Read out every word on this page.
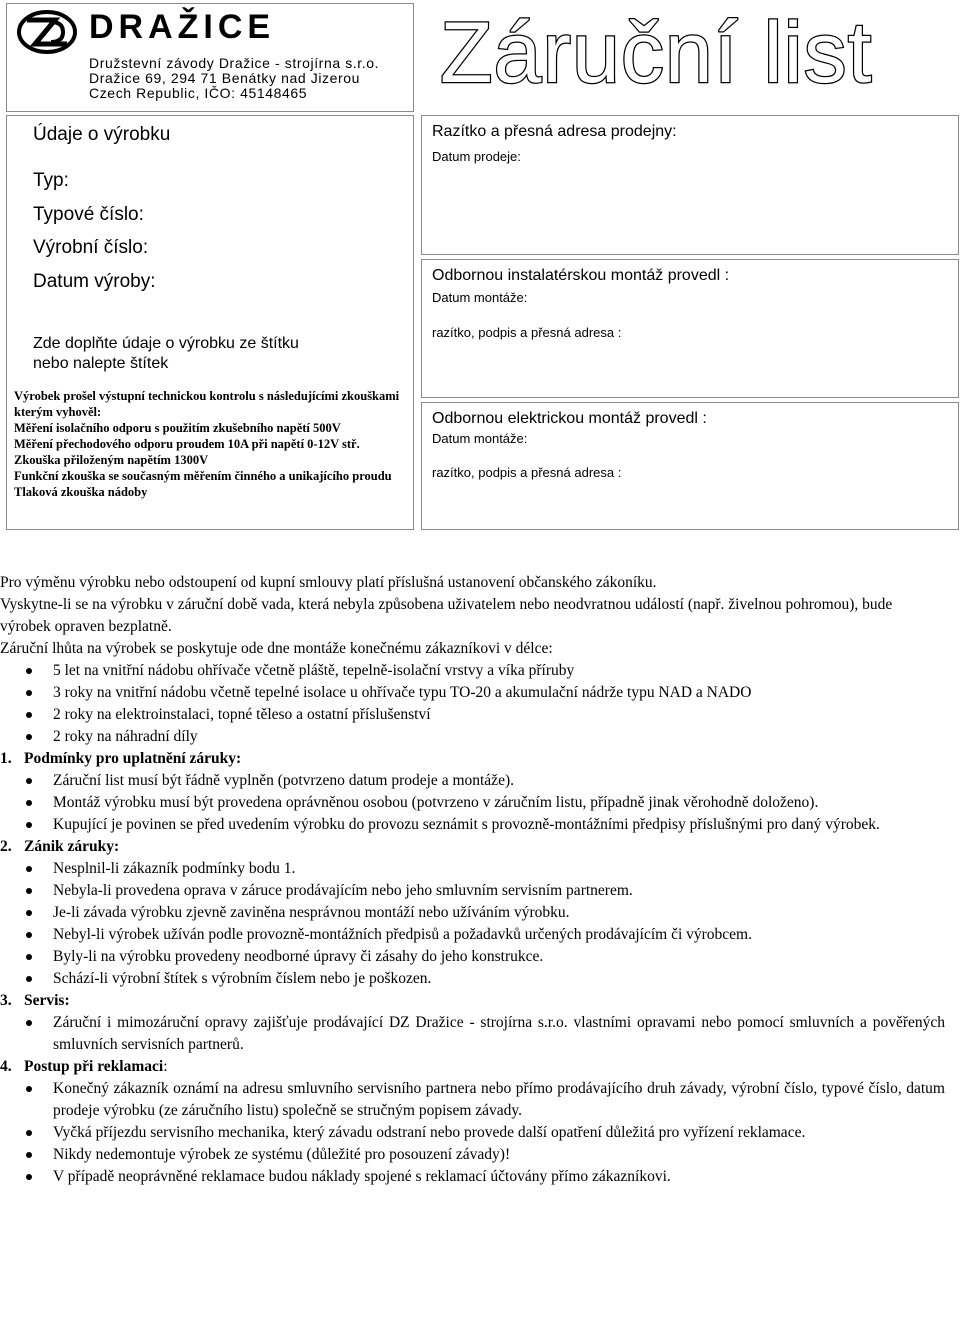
DRAŽICE
Družstevní závody Dražice - strojírna s.r.o.
Dražice 69, 294 71 Benátky nad Jizerou
Czech Republic, IČO: 45148465	Záruční list
Údaje o výrobku
Typ:
Typové číslo:
Výrobní číslo:
Datum výroby:
Zde doplňte údaje o výrobku ze štítku
nebo nalepte štítek
Výrobek prošel výstupní technickou kontrolu s následujícími zkouškami kterým vyhověl:
Měření isolačního odporu s použitím zkušebního napětí 500V
Měření přechodového odporu proudem 10A při napětí 0-12V stř.
Zkouška přiloženým napětím 1300V
Funkční zkouška se současným měřením činného a unikajícího proudu
Tlaková zkouška nádoby
Razítko a přesná adresa prodejny:
Datum prodeje:
Odbornou instalatérskou montáž provedl :
Datum montáže:
razítko, podpis a přesná adresa :
Odbornou elektrickou montáž provedl :
Datum montáže:
razítko, podpis a přesná adresa :

Pro výměnu výrobku nebo odstoupení od kupní smlouvy platí příslušná ustanovení občanského zákoníku.

Vyskytne-li se na výrobku v záruční době vada, která nebyla způsobena uživatelem nebo neodvratnou událostí (např. živelnou pohromou), bude výrobek opraven bezplatně.

Záruční lhůta na výrobek se poskytuje ode dne montáže konečnému zákazníkovi v délce:

5 let na vnitřní nádobu ohřívače včetně pláště, tepelně-isolační vrstvy a víka příruby
3 roky na vnitřní nádobu včetně tepelné isolace u ohřívače typu TO-20 a akumulační nádrže typu NAD a NADO
2 roky na elektroinstalaci, topné těleso a ostatní příslušenství
2 roky na náhradní díly

1. Podmínky pro uplatnění záruky:

Záruční list musí být řádně vyplněn (potvrzeno datum prodeje a montáže).
Montáž výrobku musí být provedena oprávněnou osobou (potvrzeno v záručním listu, případně jinak věrohodně doloženo).
Kupující je povinen se před uvedením výrobku do provozu seznámit s provozně-montážními předpisy příslušnými pro daný výrobek.

2. Zánik záruky:

Nesplnil-li zákazník podmínky bodu 1.
Nebyla-li provedena oprava v záruce prodávajícím nebo jeho smluvním servisním partnerem.
Je-li závada výrobku zjevně zaviněna nesprávnou montáží nebo užíváním výrobku.
Nebyl-li výrobek užíván podle provozně-montážních předpisů a požadavků určených prodávajícím či výrobcem.
Byly-li na výrobku provedeny neodborné úpravy či zásahy do jeho konstrukce.
Schází-li výrobní štítek s výrobním číslem nebo je poškozen.

3. Servis:

Záruční i mimozáruční opravy zajišťuje prodávající DZ Dražice - strojírna s.r.o. vlastními opravami nebo pomocí smluvních a pověřených smluvních servisních partnerů.

4. Postup při reklamaci:

Konečný zákazník oznámí na adresu smluvního servisního partnera nebo přímo prodávajícího druh závady, výrobní číslo, typové číslo, datum prodeje výrobku (ze záručního listu) společně se stručným popisem závady.
Vyčká příjezdu servisního mechanika, který závadu odstraní nebo provede další opatření důležitá pro vyřízení reklamace.
Nikdy nedemontuje výrobek ze systému (důležité pro posouzení závady)!
V případě neoprávněné reklamace budou náklady spojené s reklamací účtovány přímo zákazníkovi.
